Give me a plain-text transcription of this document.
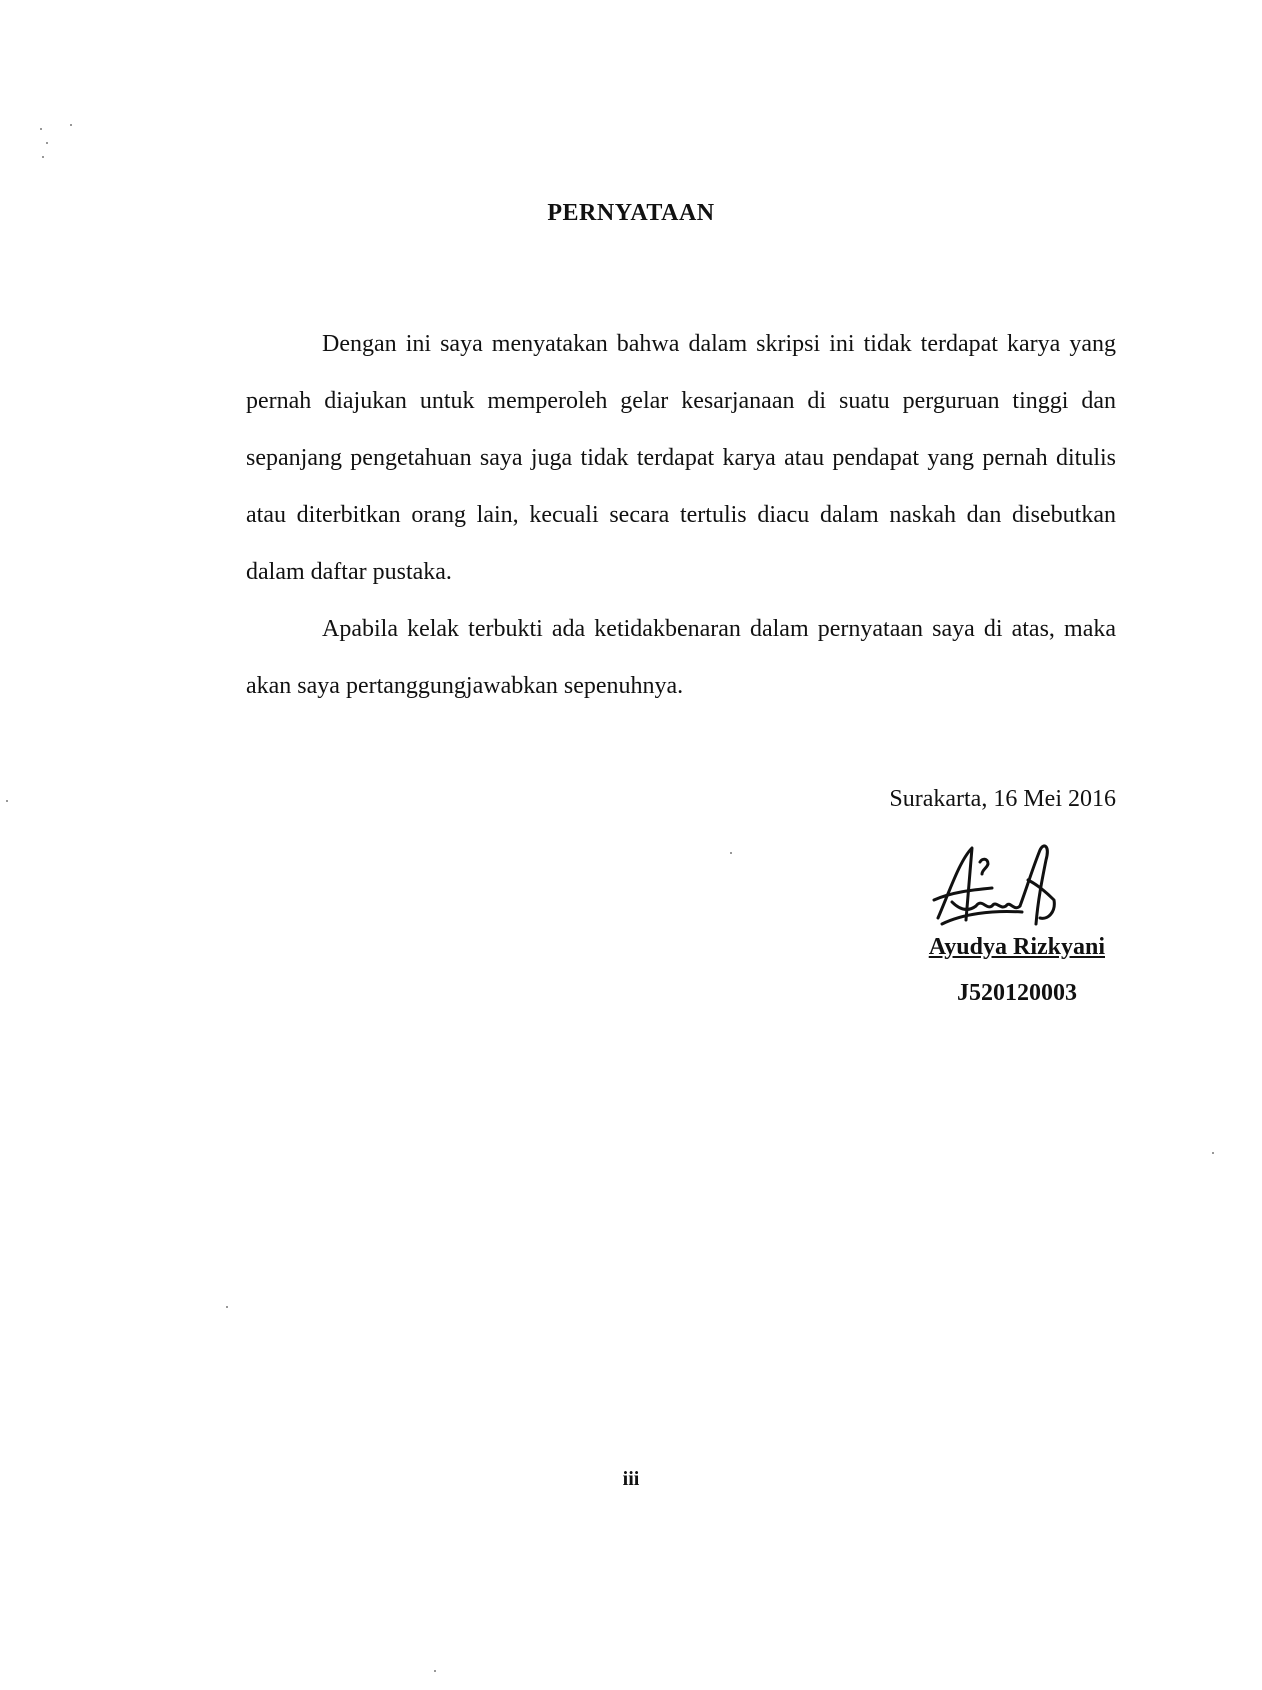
PERNYATAAN

Dengan ini saya menyatakan bahwa dalam skripsi ini tidak terdapat karya yang pernah diajukan untuk memperoleh gelar kesarjanaan di suatu perguruan tinggi dan sepanjang pengetahuan saya juga tidak terdapat karya atau pendapat yang pernah ditulis atau diterbitkan orang lain, kecuali secara tertulis diacu dalam naskah dan disebutkan dalam daftar pustaka.

Apabila kelak terbukti ada ketidakbenaran dalam pernyataan saya di atas, maka akan saya pertanggungjawabkan sepenuhnya.

Surakarta, 16 Mei 2016
Ayudya Rizkyani
J520120003
iii
